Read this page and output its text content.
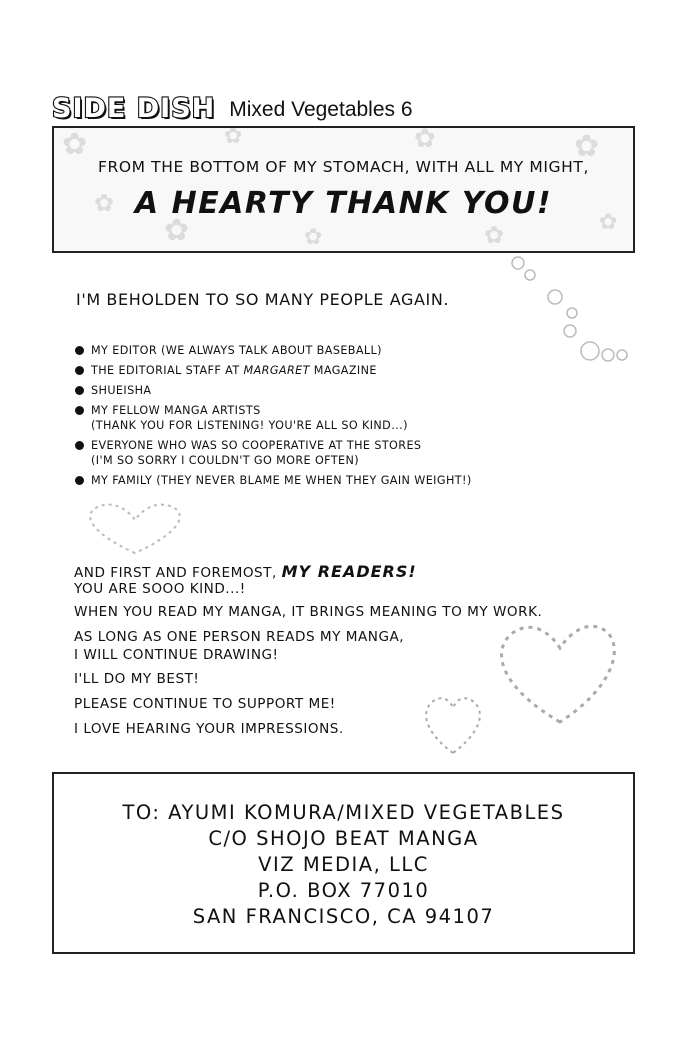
SIDE DISH Mixed Vegetables 6
✿
✿
✿
✿
✿
✿
✿
✿
✿
FROM THE BOTTOM OF MY STOMACH, WITH ALL MY MIGHT,
A HEARTY THANK YOU!
I'M BEHOLDEN TO SO MANY PEOPLE AGAIN.
MY EDITOR (WE ALWAYS TALK ABOUT BASEBALL)
THE EDITORIAL STAFF AT MARGARET MAGAZINE
SHUEISHA
MY FELLOW MANGA ARTISTS
(THANK YOU FOR LISTENING! YOU'RE ALL SO KIND...)
EVERYONE WHO WAS SO COOPERATIVE AT THE STORES
(I'M SO SORRY I COULDN'T GO MORE OFTEN)
MY FAMILY (THEY NEVER BLAME ME WHEN THEY GAIN WEIGHT!)
AND FIRST AND FOREMOST, MY READERS!
YOU ARE SOOO KIND...!
WHEN YOU READ MY MANGA, IT BRINGS MEANING TO MY WORK.
AS LONG AS ONE PERSON READS MY MANGA,
I WILL CONTINUE DRAWING!
I'LL DO MY BEST!
PLEASE CONTINUE TO SUPPORT ME!
I LOVE HEARING YOUR IMPRESSIONS.
TO: AYUMI KOMURA/MIXED VEGETABLES
C/O SHOJO BEAT MANGA
VIZ MEDIA, LLC
P.O. BOX 77010
SAN FRANCISCO, CA 94107
